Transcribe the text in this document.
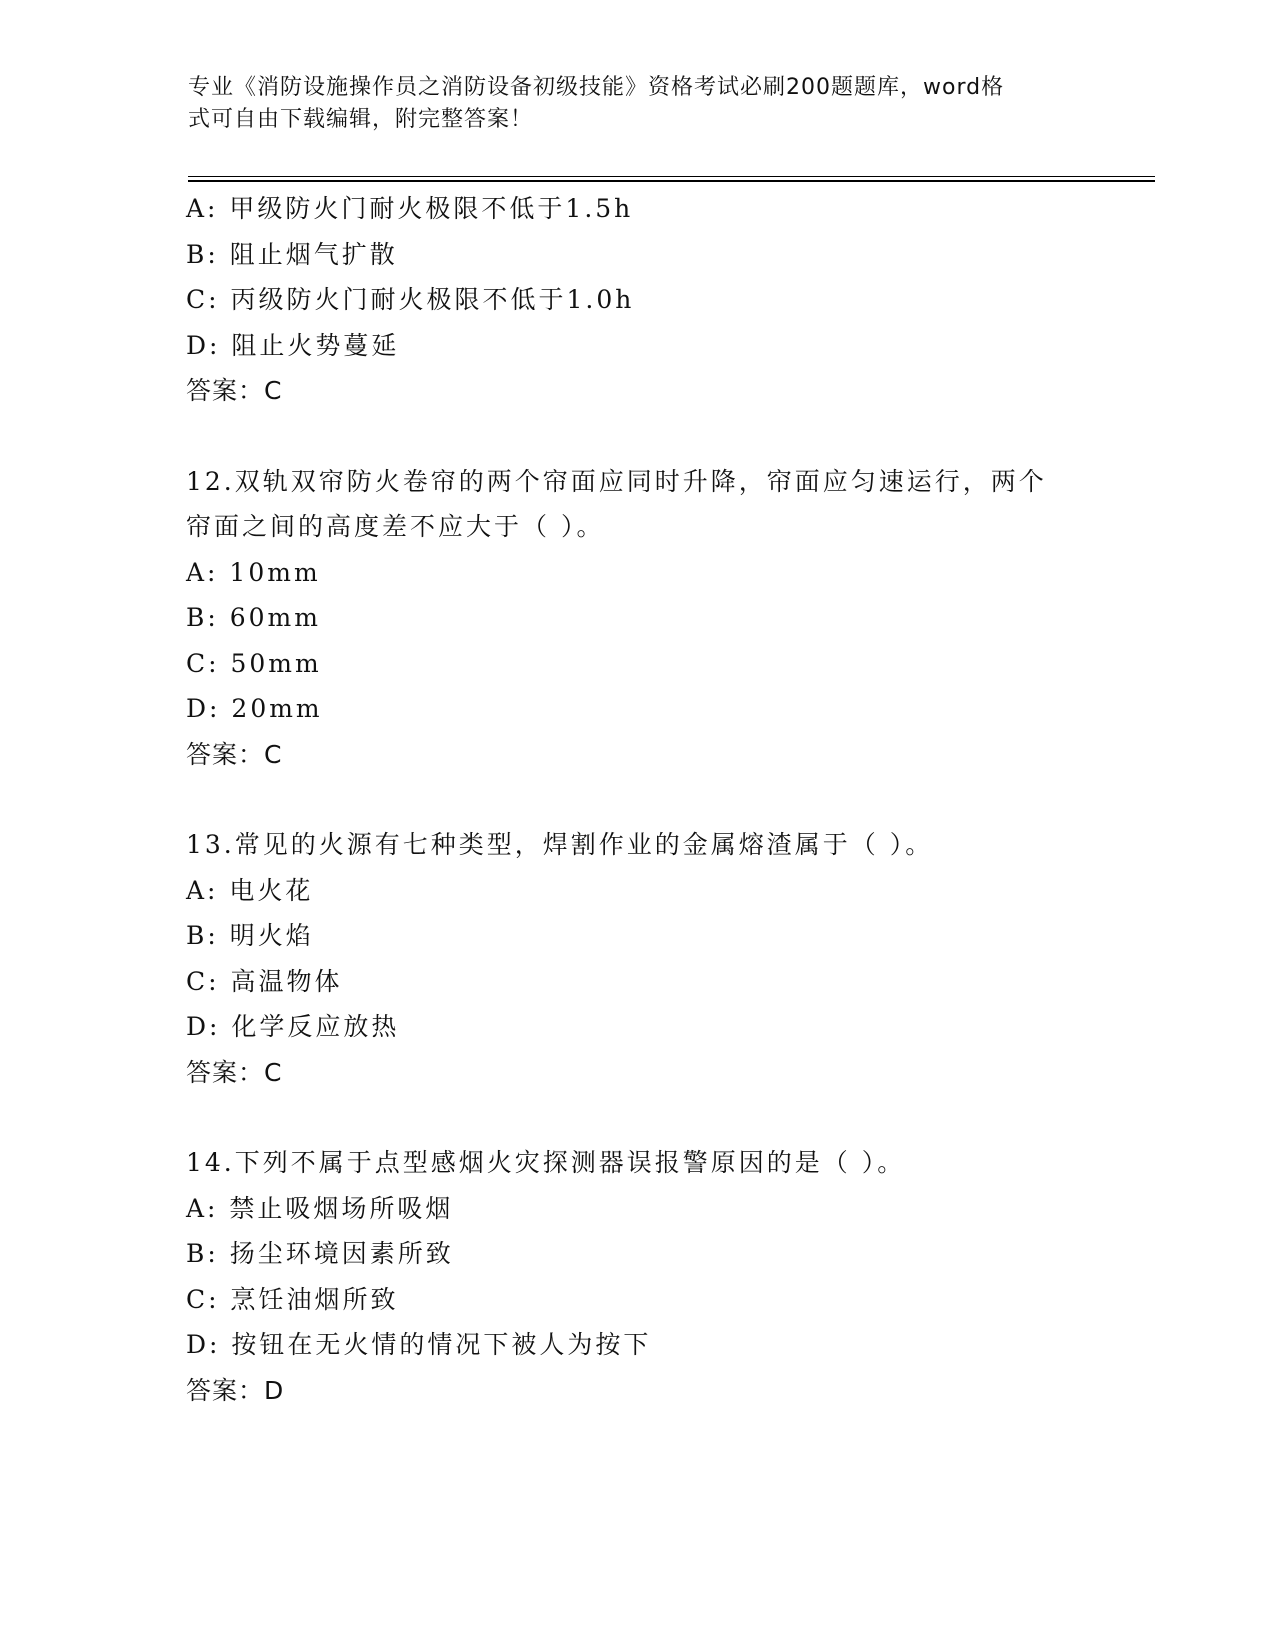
专业《消防设施操作员之消防设备初级技能》资格考试必刷200题题库，word格
式可自由下载编辑，附完整答案！

A: 甲级防火门耐火极限不低于1.5h

B: 阻止烟气扩散

C: 丙级防火门耐火极限不低于1.0h

D: 阻止火势蔓延

答案：C

12.双轨双帘防火卷帘的两个帘面应同时升降，帘面应匀速运行，两个

帘面之间的高度差不应大于（ ）。

A: 10mm

B: 60mm

C: 50mm

D: 20mm

答案：C

13.常见的火源有七种类型，焊割作业的金属熔渣属于（ ）。

A: 电火花

B: 明火焰

C: 高温物体

D: 化学反应放热

答案：C

14.下列不属于点型感烟火灾探测器误报警原因的是（ ）。

A: 禁止吸烟场所吸烟

B: 扬尘环境因素所致

C: 烹饪油烟所致

D: 按钮在无火情的情况下被人为按下

答案：D
